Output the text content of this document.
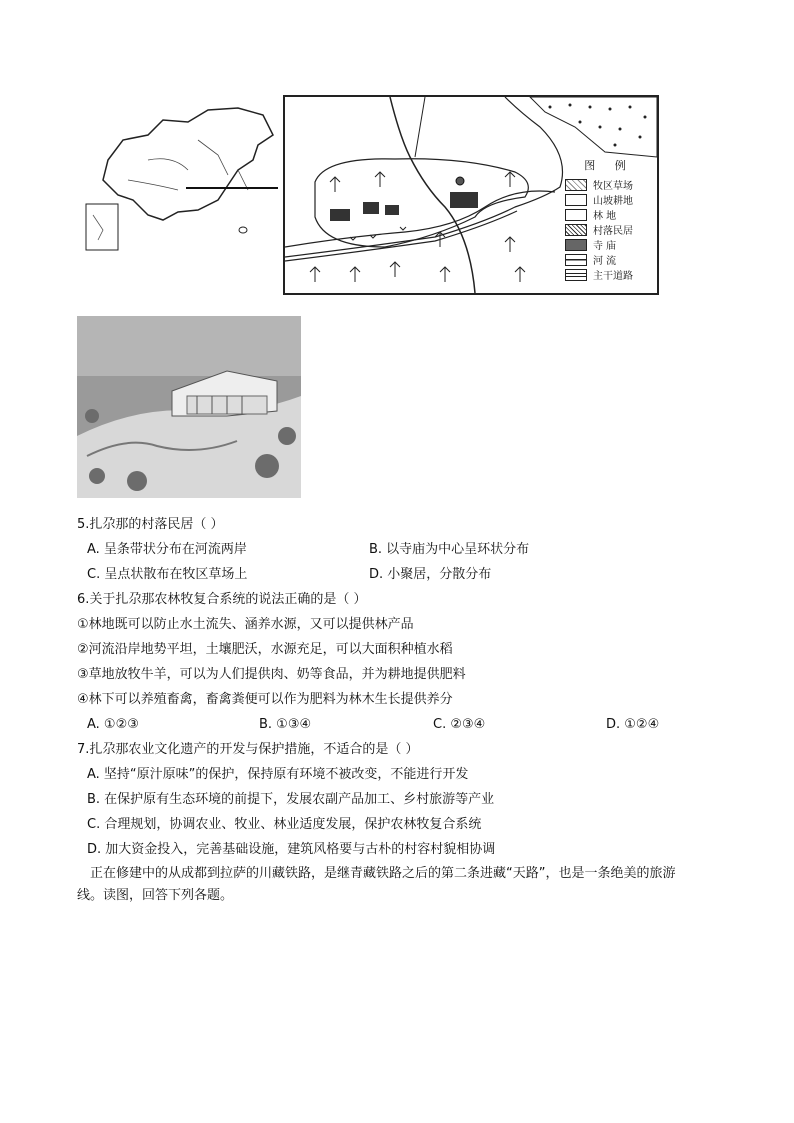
图 例
牧区草场
山坡耕地
林 地
村落民居
寺 庙
河 流
主干道路
5.扎尕那的村落民居（ ）
A. 呈条带状分布在河流两岸	B. 以寺庙为中心呈环状分布
C. 呈点状散布在牧区草场上	D. 小聚居，分散分布
6.关于扎尕那农林牧复合系统的说法正确的是（ ）
①林地既可以防止水土流失、涵养水源，又可以提供林产品
②河流沿岸地势平坦，土壤肥沃，水源充足，可以大面积种植水稻
③草地放牧牛羊，可以为人们提供肉、奶等食品，并为耕地提供肥料
④林下可以养殖畜禽，畜禽粪便可以作为肥料为林木生长提供养分
A. ①②③	B. ①③④	C. ②③④	D. ①②④
7.扎尕那农业文化遗产的开发与保护措施，不适合的是（ ）
A. 坚持“原汁原味”的保护，保持原有环境不被改变，不能进行开发
B. 在保护原有生态环境的前提下，发展农副产品加工、乡村旅游等产业
C. 合理规划，协调农业、牧业、林业适度发展，保护农林牧复合系统
D. 加大资金投入，完善基础设施，建筑风格要与古朴的村容村貌相协调
正在修建中的从成都到拉萨的川藏铁路，是继青藏铁路之后的第二条进藏“天路”，也是一条绝美的旅游
线。读图，回答下列各题。
